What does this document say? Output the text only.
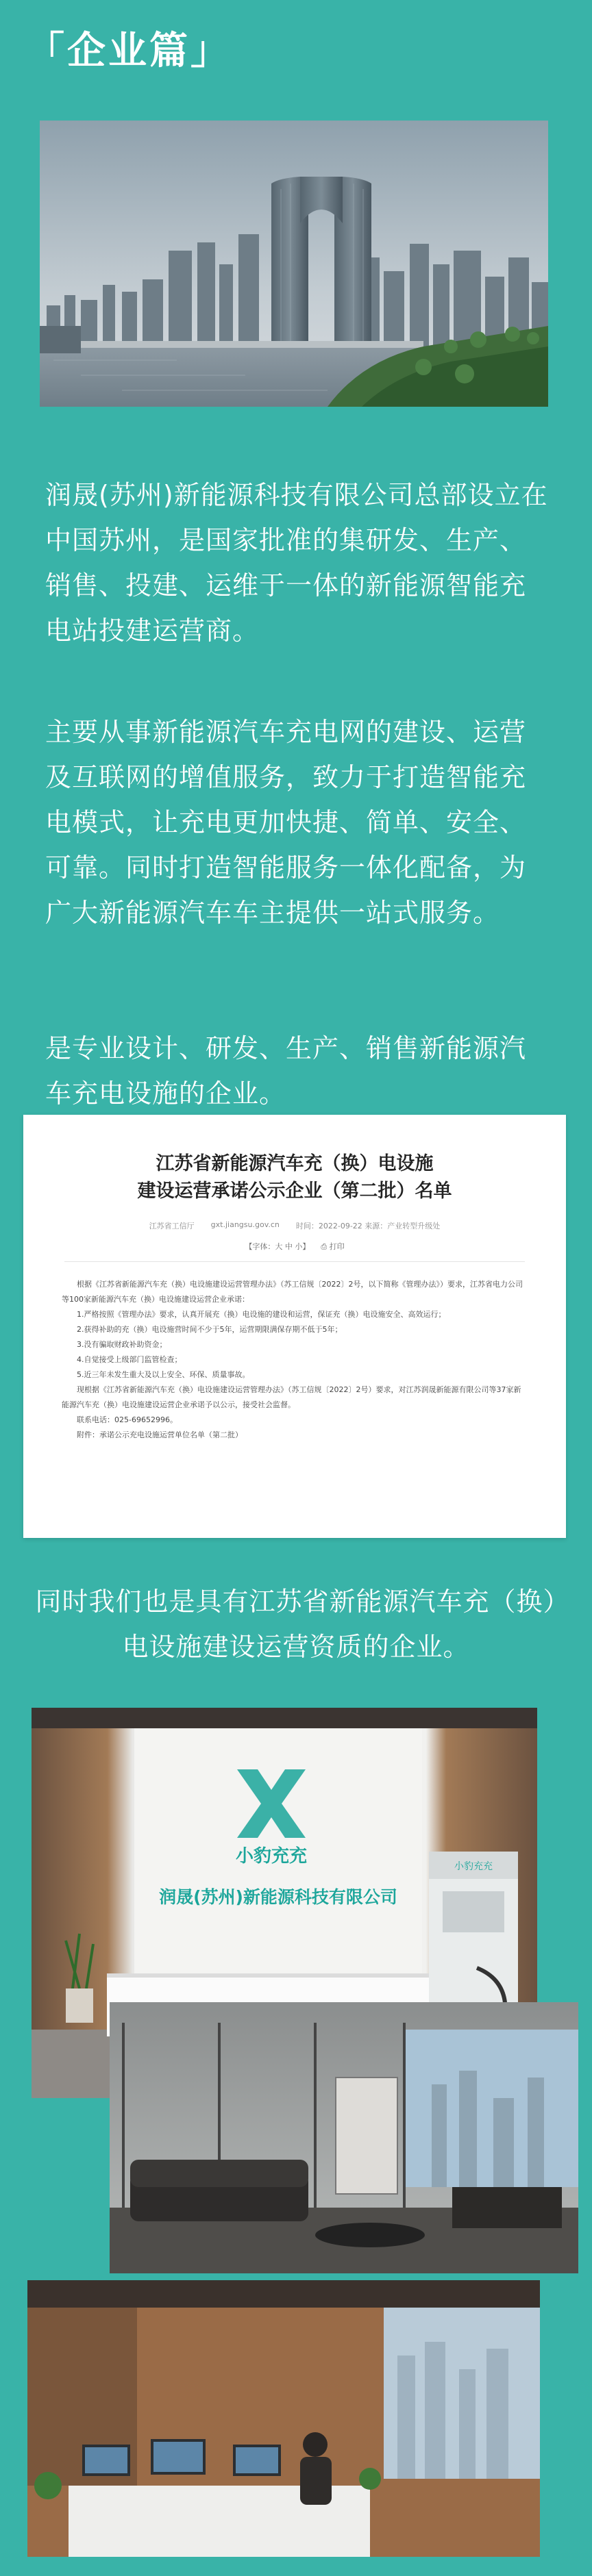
「企业篇」
润晟(苏州)新能源科技有限公司总部设立在中国苏州，是国家批准的集研发、生产、销售、投建、运维于一体的新能源智能充电站投建运营商。
主要从事新能源汽车充电网的建设、运营及互联网的增值服务，致力于打造智能充电模式，让充电更加快捷、简单、安全、可靠。同时打造智能服务一体化配备，为广大新能源汽车车主提供一站式服务。
是专业设计、研发、生产、销售新能源汽车充电设施的企业。
江苏省新能源汽车充（换）电设施
建设运营承诺公示企业（第二批）名单
江苏省工信厅 gxt.jiangsu.gov.cn 时间：2022-09-22 来源：产业转型升级处
【字体：大 中 小】 ⎙ 打印

根据《江苏省新能源汽车充（换）电设施建设运营管理办法》（苏工信规〔2022〕2号，以下简称《管理办法》）要求，江苏省电力公司等100家新能源汽车充（换）电设施建设运营企业承诺：

1.严格按照《管理办法》要求，认真开展充（换）电设施的建设和运营，保证充（换）电设施安全、高效运行；

2.获得补助的充（换）电设施营时间不少于5年，运营期限满保存期不低于5年；

3.没有骗取财政补助资金；

4.自觉接受上级部门监管检查；

5.近三年未发生重大及以上安全、环保、质量事故。

现根据《江苏省新能源汽车充（换）电设施建设运营管理办法》（苏工信规〔2022〕2号）要求，对江苏润晟新能源有限公司等37家新能源汽车充（换）电设施建设运营企业承诺予以公示，接受社会监督。

联系电话：025-69652996。

附件：承诺公示充电设施运营单位名单（第二批）

同时我们也是具有江苏省新能源汽车充（换）电设施建设运营资质的企业。
小豹充充
润晟(苏州)新能源科技有限公司
小豹充充
